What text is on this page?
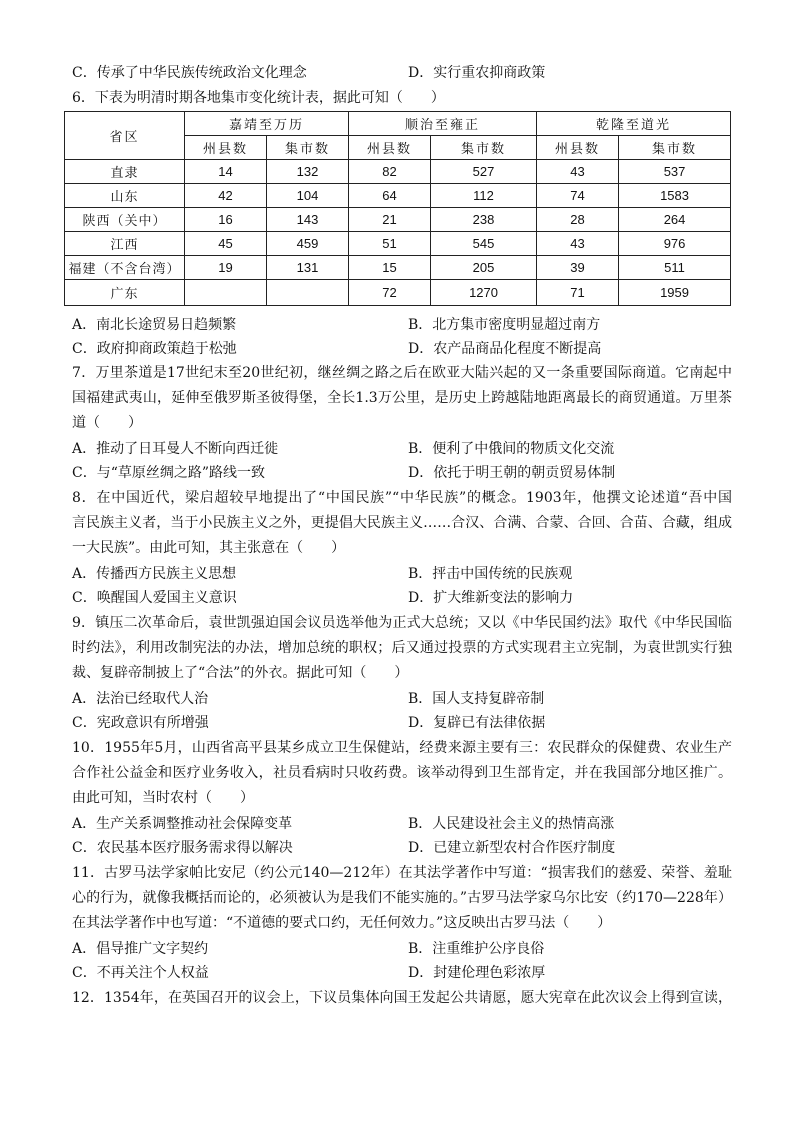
C．传承了中华民族传统政治文化理念	D．实行重农抑商政策
6．下表为明清时期各地集市变化统计表，据此可知（　　）
省区	嘉靖至万历		顺治至雍正		乾隆至道光	
	州县数	集市数	州县数	集市数	州县数	集市数
直隶	14	132	82	527	43	537
山东	42	104	64	112	74	1583
陕西（关中）	16	143	21	238	28	264
江西	45	459	51	545	43	976
福建（不含台湾）	19	131	15	205	39	511
广东			72	1270	71	1959
A．南北长途贸易日趋频繁	B．北方集市密度明显超过南方
C．政府抑商政策趋于松弛	D．农产品商品化程度不断提高
7．万里茶道是17世纪末至20世纪初，继丝绸之路之后在欧亚大陆兴起的又一条重要国际商道。它南起中
国福建武夷山，延伸至俄罗斯圣彼得堡，全长1.3万公里，是历史上跨越陆地距离最长的商贸通道。万里茶
道（　　）
A．推动了日耳曼人不断向西迁徙	B．便利了中俄间的物质文化交流
C．与“草原丝绸之路”路线一致	D．依托于明王朝的朝贡贸易体制
8．在中国近代，梁启超较早地提出了“中国民族”“中华民族”的概念。1903年，他撰文论述道“吾中国
言民族主义者，当于小民族主义之外，更提倡大民族主义……合汉、合满、合蒙、合回、合苗、合藏，组成
一大民族”。由此可知，其主张意在（　　）
A．传播西方民族主义思想	B．抨击中国传统的民族观
C．唤醒国人爱国主义意识	D．扩大维新变法的影响力
9．镇压二次革命后，袁世凯强迫国会议员选举他为正式大总统；又以《中华民国约法》取代《中华民国临
时约法》，利用改制宪法的办法，增加总统的职权；后又通过投票的方式实现君主立宪制，为袁世凯实行独
裁、复辟帝制披上了“合法”的外衣。据此可知（　　）
A．法治已经取代人治	B．国人支持复辟帝制
C．宪政意识有所增强	D．复辟已有法律依据
10．1955年5月，山西省高平县某乡成立卫生保健站，经费来源主要有三：农民群众的保健费、农业生产
合作社公益金和医疗业务收入，社员看病时只收药费。该举动得到卫生部肯定，并在我国部分地区推广。
由此可知，当时农村（　　）
A．生产关系调整推动社会保障变革	B．人民建设社会主义的热情高涨
C．农民基本医疗服务需求得以解决	D．已建立新型农村合作医疗制度
11．古罗马法学家帕比安尼（约公元140—212年）在其法学著作中写道：“损害我们的慈爱、荣誉、羞耻
心的行为，就像我概括而论的，必须被认为是我们不能实施的。”古罗马法学家乌尔比安（约170—228年）
在其法学著作中也写道：“不道德的要式口约，无任何效力。”这反映出古罗马法（　　）
A．倡导推广文字契约	B．注重维护公序良俗
C．不再关注个人权益	D．封建伦理色彩浓厚
12．1354年，在英国召开的议会上，下议员集体向国王发起公共请愿，愿大宪章在此次议会上得到宣读，
